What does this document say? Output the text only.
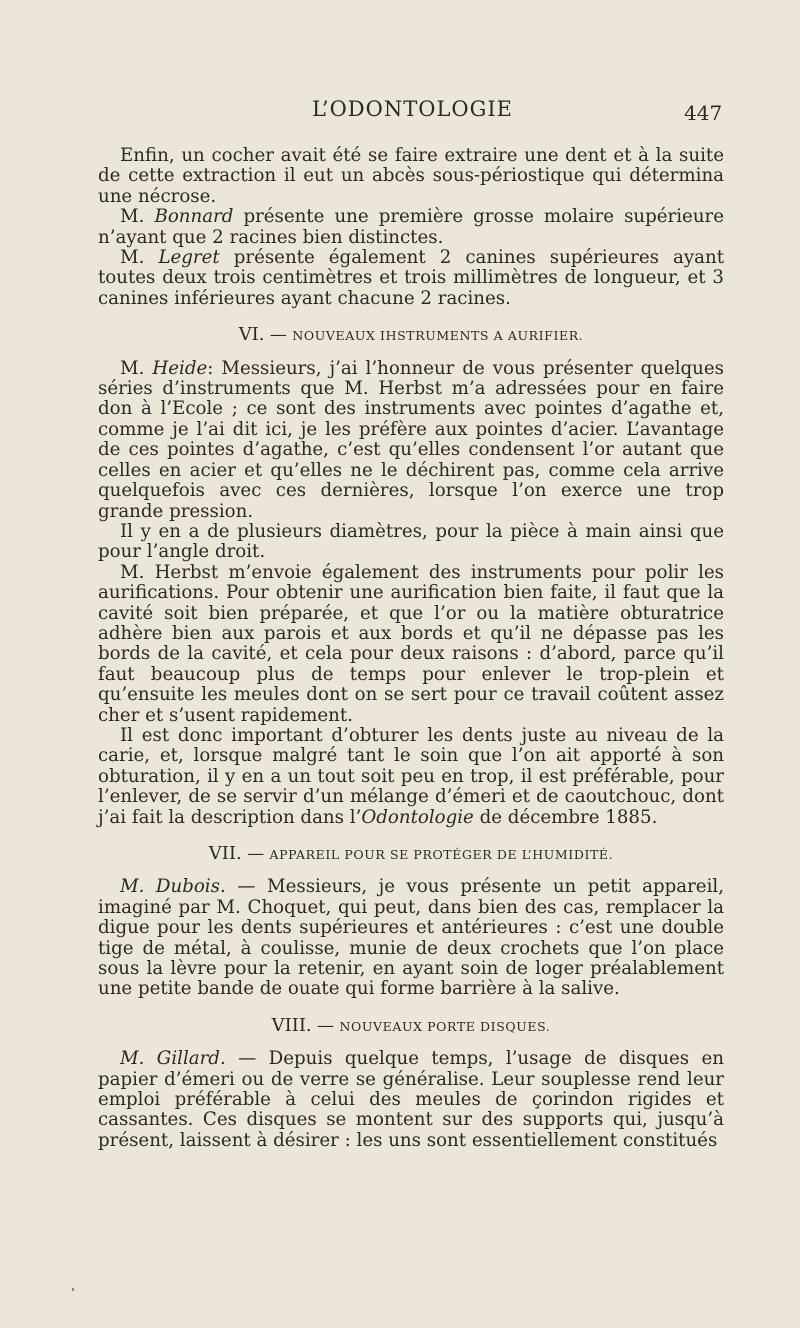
L’ODONTOLOGIE	447

Enfin, un cocher avait été se faire extraire une dent et à la suite de cette extraction il eut un abcès sous-périostique qui détermina une nécrose.

M. Bonnard présente une première grosse molaire supérieure n’ayant que 2 racines bien distinctes.

M. Legret présente également 2 canines supérieures ayant toutes deux trois centimètres et trois millimètres de longueur, et 3 canines inférieures ayant chacune 2 racines.

VI. — NOUVEAUX IHSTRUMENTS A AURIFIER.

M. Heide: Messieurs, j’ai l’honneur de vous présenter quelques séries d’instruments que M. Herbst m’a adressées pour en faire don à l’Ecole ; ce sont des instruments avec pointes d’agathe et, comme je l’ai dit ici, je les préfère aux pointes d’acier. L’avantage de ces pointes d’agathe, c’est qu’elles condensent l’or autant que celles en acier et qu’elles ne le déchirent pas, comme cela arrive quelquefois avec ces dernières, lorsque l’on exerce une trop grande pression.

Il y en a de plusieurs diamètres, pour la pièce à main ainsi que pour l’angle droit.

M. Herbst m’envoie également des instruments pour polir les aurifications. Pour obtenir une aurification bien faite, il faut que la cavité soit bien préparée, et que l’or ou la matière obturatrice adhère bien aux parois et aux bords et qu’il ne dépasse pas les bords de la cavité, et cela pour deux raisons : d’abord, parce qu’il faut beaucoup plus de temps pour enlever le trop-plein et qu’ensuite les meules dont on se sert pour ce travail coûtent assez cher et s’usent rapidement.

Il est donc important d’obturer les dents juste au niveau de la carie, et, lorsque malgré tant le soin que l’on ait apporté à son obturation, il y en a un tout soit peu en trop, il est préférable, pour l’enlever, de se servir d’un mélange d’émeri et de caoutchouc, dont j’ai fait la description dans l’Odontologie de décembre 1885.

VII. — APPAREIL POUR SE PROTÉGER DE L’HUMIDITÉ.

M. Dubois. — Messieurs, je vous présente un petit appareil, imaginé par M. Choquet, qui peut, dans bien des cas, remplacer la digue pour les dents supérieures et antérieures : c’est une double tige de métal, à coulisse, munie de deux crochets que l’on place sous la lèvre pour la retenir, en ayant soin de loger préalablement une petite bande de ouate qui forme barrière à la salive.

VIII. — NOUVEAUX PORTE DISQUES.

M. Gillard. — Depuis quelque temps, l’usage de disques en papier d’émeri ou de verre se généralise. Leur souplesse rend leur emploi préférable à celui des meules de çorindon rigides et cassantes. Ces disques se montent sur des supports qui, jusqu’à présent, laissent à désirer : les uns sont essentiellement constitués
